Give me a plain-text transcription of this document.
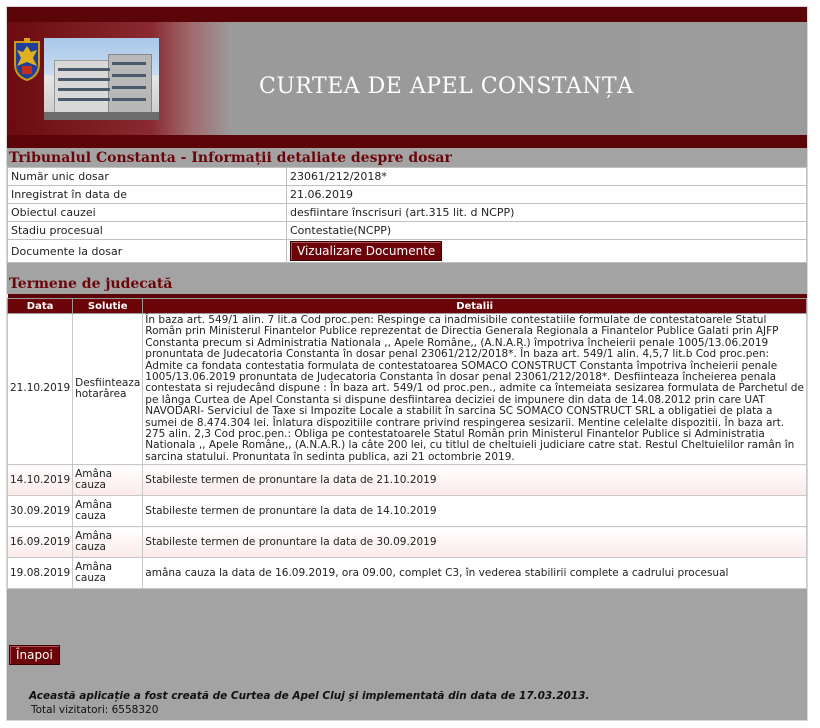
CURTEA DE APEL CONSTANȚA
Tribunalul Constanta - Informații detaliate despre dosar
Număr unic dosar	23061/212/2018*
Inregistrat în data de	21.06.2019
Obiectul cauzei	desfiintare înscrisuri (art.315 lit. d NCPP)
Stadiu procesual	Contestatie(NCPP)
Documente la dosar	Vizualizare Documente
Termene de judecată

Data	Solutie	Detalii
21.10.2019	Desfiinteaza hotarârea	În baza art. 549/1 alin. 7 lit.a Cod proc.pen: Respinge ca inadmisibile contestatiile formulate de contestatoarele Statul Român prin Ministerul Finantelor Publice reprezentat de Directia Generala Regionala a Finantelor Publice Galati prin AJFP Constanta precum si Administratia Nationala ,, Apele Române,, (A.N.A.R.) împotriva încheierii penale 1005/13.06.2019 pronuntata de Judecatoria Constanta în dosar penal 23061/212/2018*. În baza art. 549/1 alin. 4,5,7 lit.b Cod proc.pen: Admite ca fondata contestatia formulata de contestatoarea SOMACO CONSTRUCT Constanta împotriva încheierii penale 1005/13.06.2019 pronuntata de Judecatoria Constanta în dosar penal 23061/212/2018*. Desfiinteaza încheierea penala contestata si rejudecând dispune : În baza art. 549/1 od proc.pen., admite ca întemeiata sesizarea formulata de Parchetul de pe lânga Curtea de Apel Constanta si dispune desfiintarea deciziei de impunere din data de 14.08.2012 prin care UAT NAVODARI- Serviciul de Taxe si Impozite Locale a stabilit în sarcina SC SOMACO CONSTRUCT SRL a obligatiei de plata a sumei de 8.474.304 lei. Înlatura dispozitiile contrare privind respingerea sesizarii. Mentine celelalte dispozitii. În baza art. 275 alin. 2,3 Cod proc.pen.: Obliga pe contestatoarele Statul Român prin Ministerul Finantelor Publice si Administratia Nationala ,, Apele Române,, (A.N.A.R.) la câte 200 lei, cu titlul de cheltuieli judiciare catre stat. Restul Cheltuielilor ramân în sarcina statului. Pronuntata în sedinta publica, azi 21 octombrie 2019.
14.10.2019	Amâna cauza	Stabileste termen de pronuntare la data de 21.10.2019
30.09.2019	Amâna cauza	Stabileste termen de pronuntare la data de 14.10.2019
16.09.2019	Amâna cauza	Stabileste termen de pronuntare la data de 30.09.2019
19.08.2019	Amâna cauza	amâna cauza la data de 16.09.2019, ora 09.00, complet C3, în vederea stabilirii complete a cadrului procesual
Înapoi
Această aplicație a fost creată de Curtea de Apel Cluj și implementată din data de 17.03.2013.
Total vizitatori: 6558320
